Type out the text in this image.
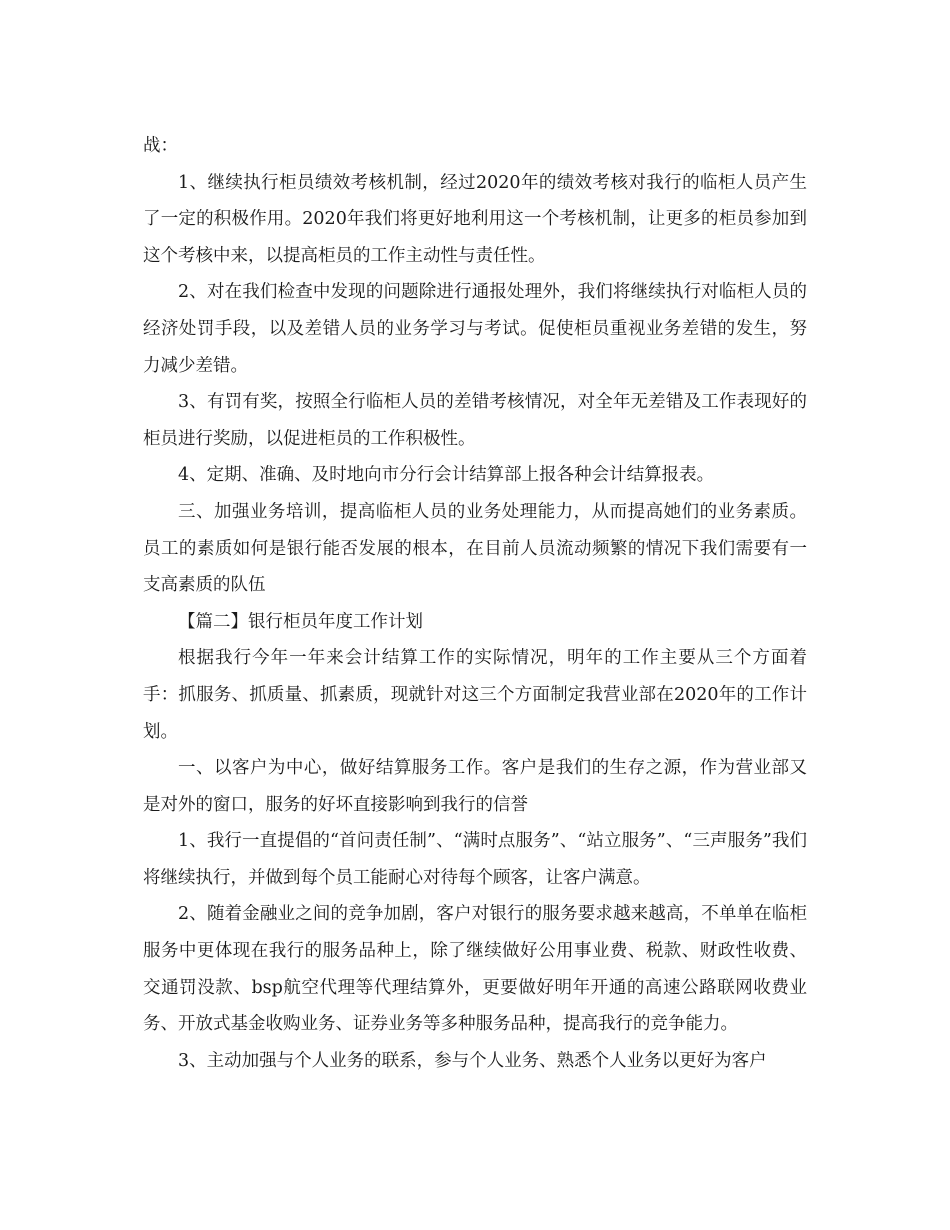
战：

1、继续执行柜员绩效考核机制，经过2020年的绩效考核对我行的临柜人员产生了一定的积极作用。2020年我们将更好地利用这一个考核机制，让更多的柜员参加到这个考核中来，以提高柜员的工作主动性与责任性。

2、对在我们检查中发现的问题除进行通报处理外，我们将继续执行对临柜人员的经济处罚手段，以及差错人员的业务学习与考试。促使柜员重视业务差错的发生，努力减少差错。

3、有罚有奖，按照全行临柜人员的差错考核情况，对全年无差错及工作表现好的柜员进行奖励，以促进柜员的工作积极性。

4、定期、准确、及时地向市分行会计结算部上报各种会计结算报表。

三、加强业务培训，提高临柜人员的业务处理能力，从而提高她们的业务素质。员工的素质如何是银行能否发展的根本，在目前人员流动频繁的情况下我们需要有一支高素质的队伍

【篇二】银行柜员年度工作计划

根据我行今年一年来会计结算工作的实际情况，明年的工作主要从三个方面着手：抓服务、抓质量、抓素质，现就针对这三个方面制定我营业部在2020年的工作计划。

一、以客户为中心，做好结算服务工作。客户是我们的生存之源，作为营业部又是对外的窗口，服务的好坏直接影响到我行的信誉

1、我行一直提倡的“首问责任制”、“满时点服务”、“站立服务”、“三声服务”我们将继续执行，并做到每个员工能耐心对待每个顾客，让客户满意。

2、随着金融业之间的竞争加剧，客户对银行的服务要求越来越高，不单单在临柜服务中更体现在我行的服务品种上，除了继续做好公用事业费、税款、财政性收费、交通罚没款、bsp航空代理等代理结算外，更要做好明年开通的高速公路联网收费业务、开放式基金收购业务、证券业务等多种服务品种，提高我行的竞争能力。

3、主动加强与个人业务的联系，参与个人业务、熟悉个人业务以更好为客户
